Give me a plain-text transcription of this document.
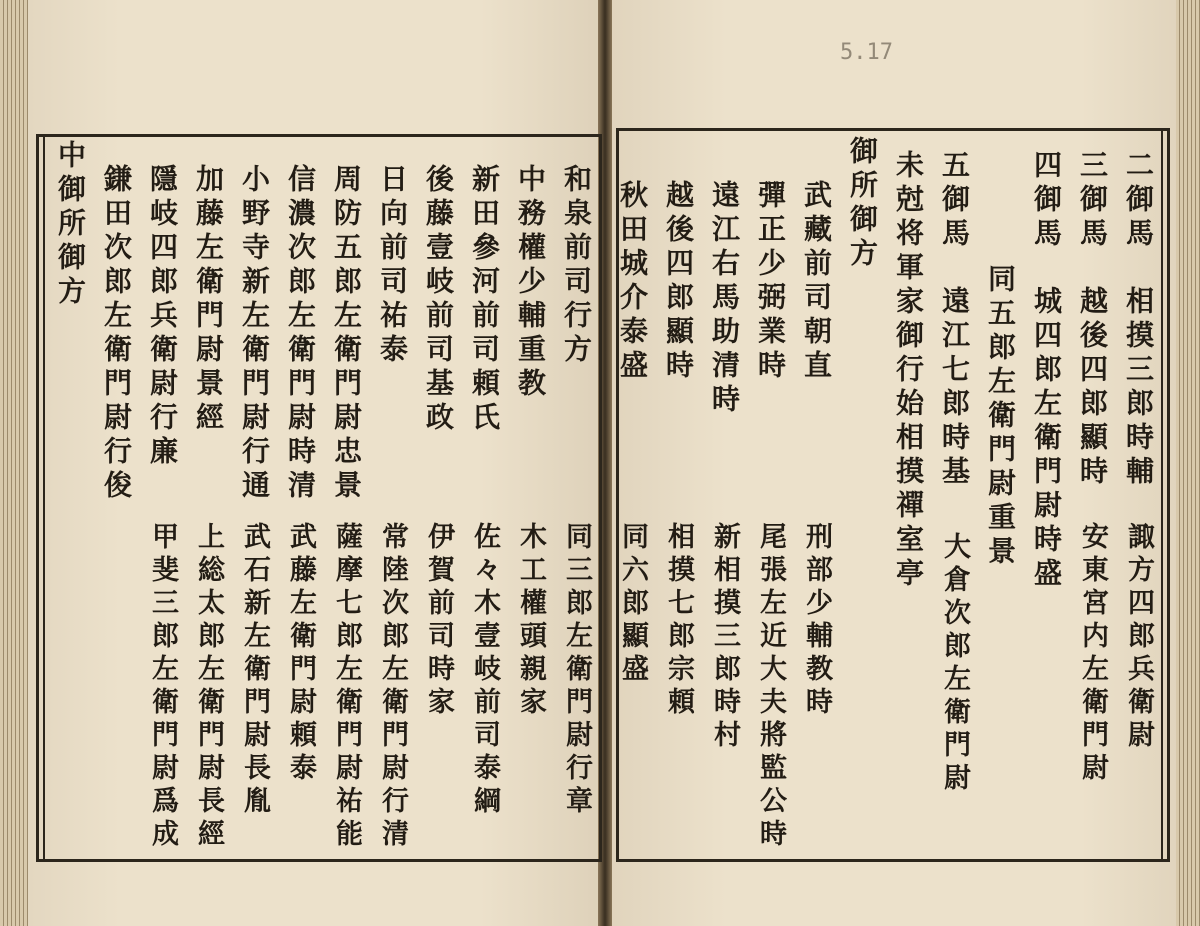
5.17
二御馬　相摸三郎時輔
諏方四郎兵衛尉
三御馬　越後四郎顯時
安東宮内左衛門尉
四御馬　城四郎左衛門尉時盛
　　同五郎左衛門尉重景
五御馬　遠江七郎時基
大倉次郎左衛門尉
未尅将軍家御行始相摸禪室亭
御所御方
武藏前司朝直
刑部少輔教時
彈正少弼業時
尾張左近大夫將監公時
遠江右馬助清時
新相摸三郎時村
越後四郎顯時
相摸七郎宗頼
秋田城介泰盛
同六郎顯盛
和泉前司行方
同三郎左衛門尉行章
中務權少輔重教
木工權頭親家
新田參河前司頼氏
佐々木壹岐前司泰綱
後藤壹岐前司基政
伊賀前司時家
日向前司祐泰
常陸次郎左衛門尉行清
周防五郎左衛門尉忠景
薩摩七郎左衛門尉祐能
信濃次郎左衛門尉時清
武藤左衛門尉頼泰
小野寺新左衛門尉行通
武石新左衛門尉長胤
加藤左衛門尉景經
上総太郎左衛門尉長經
隱岐四郎兵衛尉行廉
甲斐三郎左衛門尉爲成
鎌田次郎左衛門尉行俊
中御所御方
